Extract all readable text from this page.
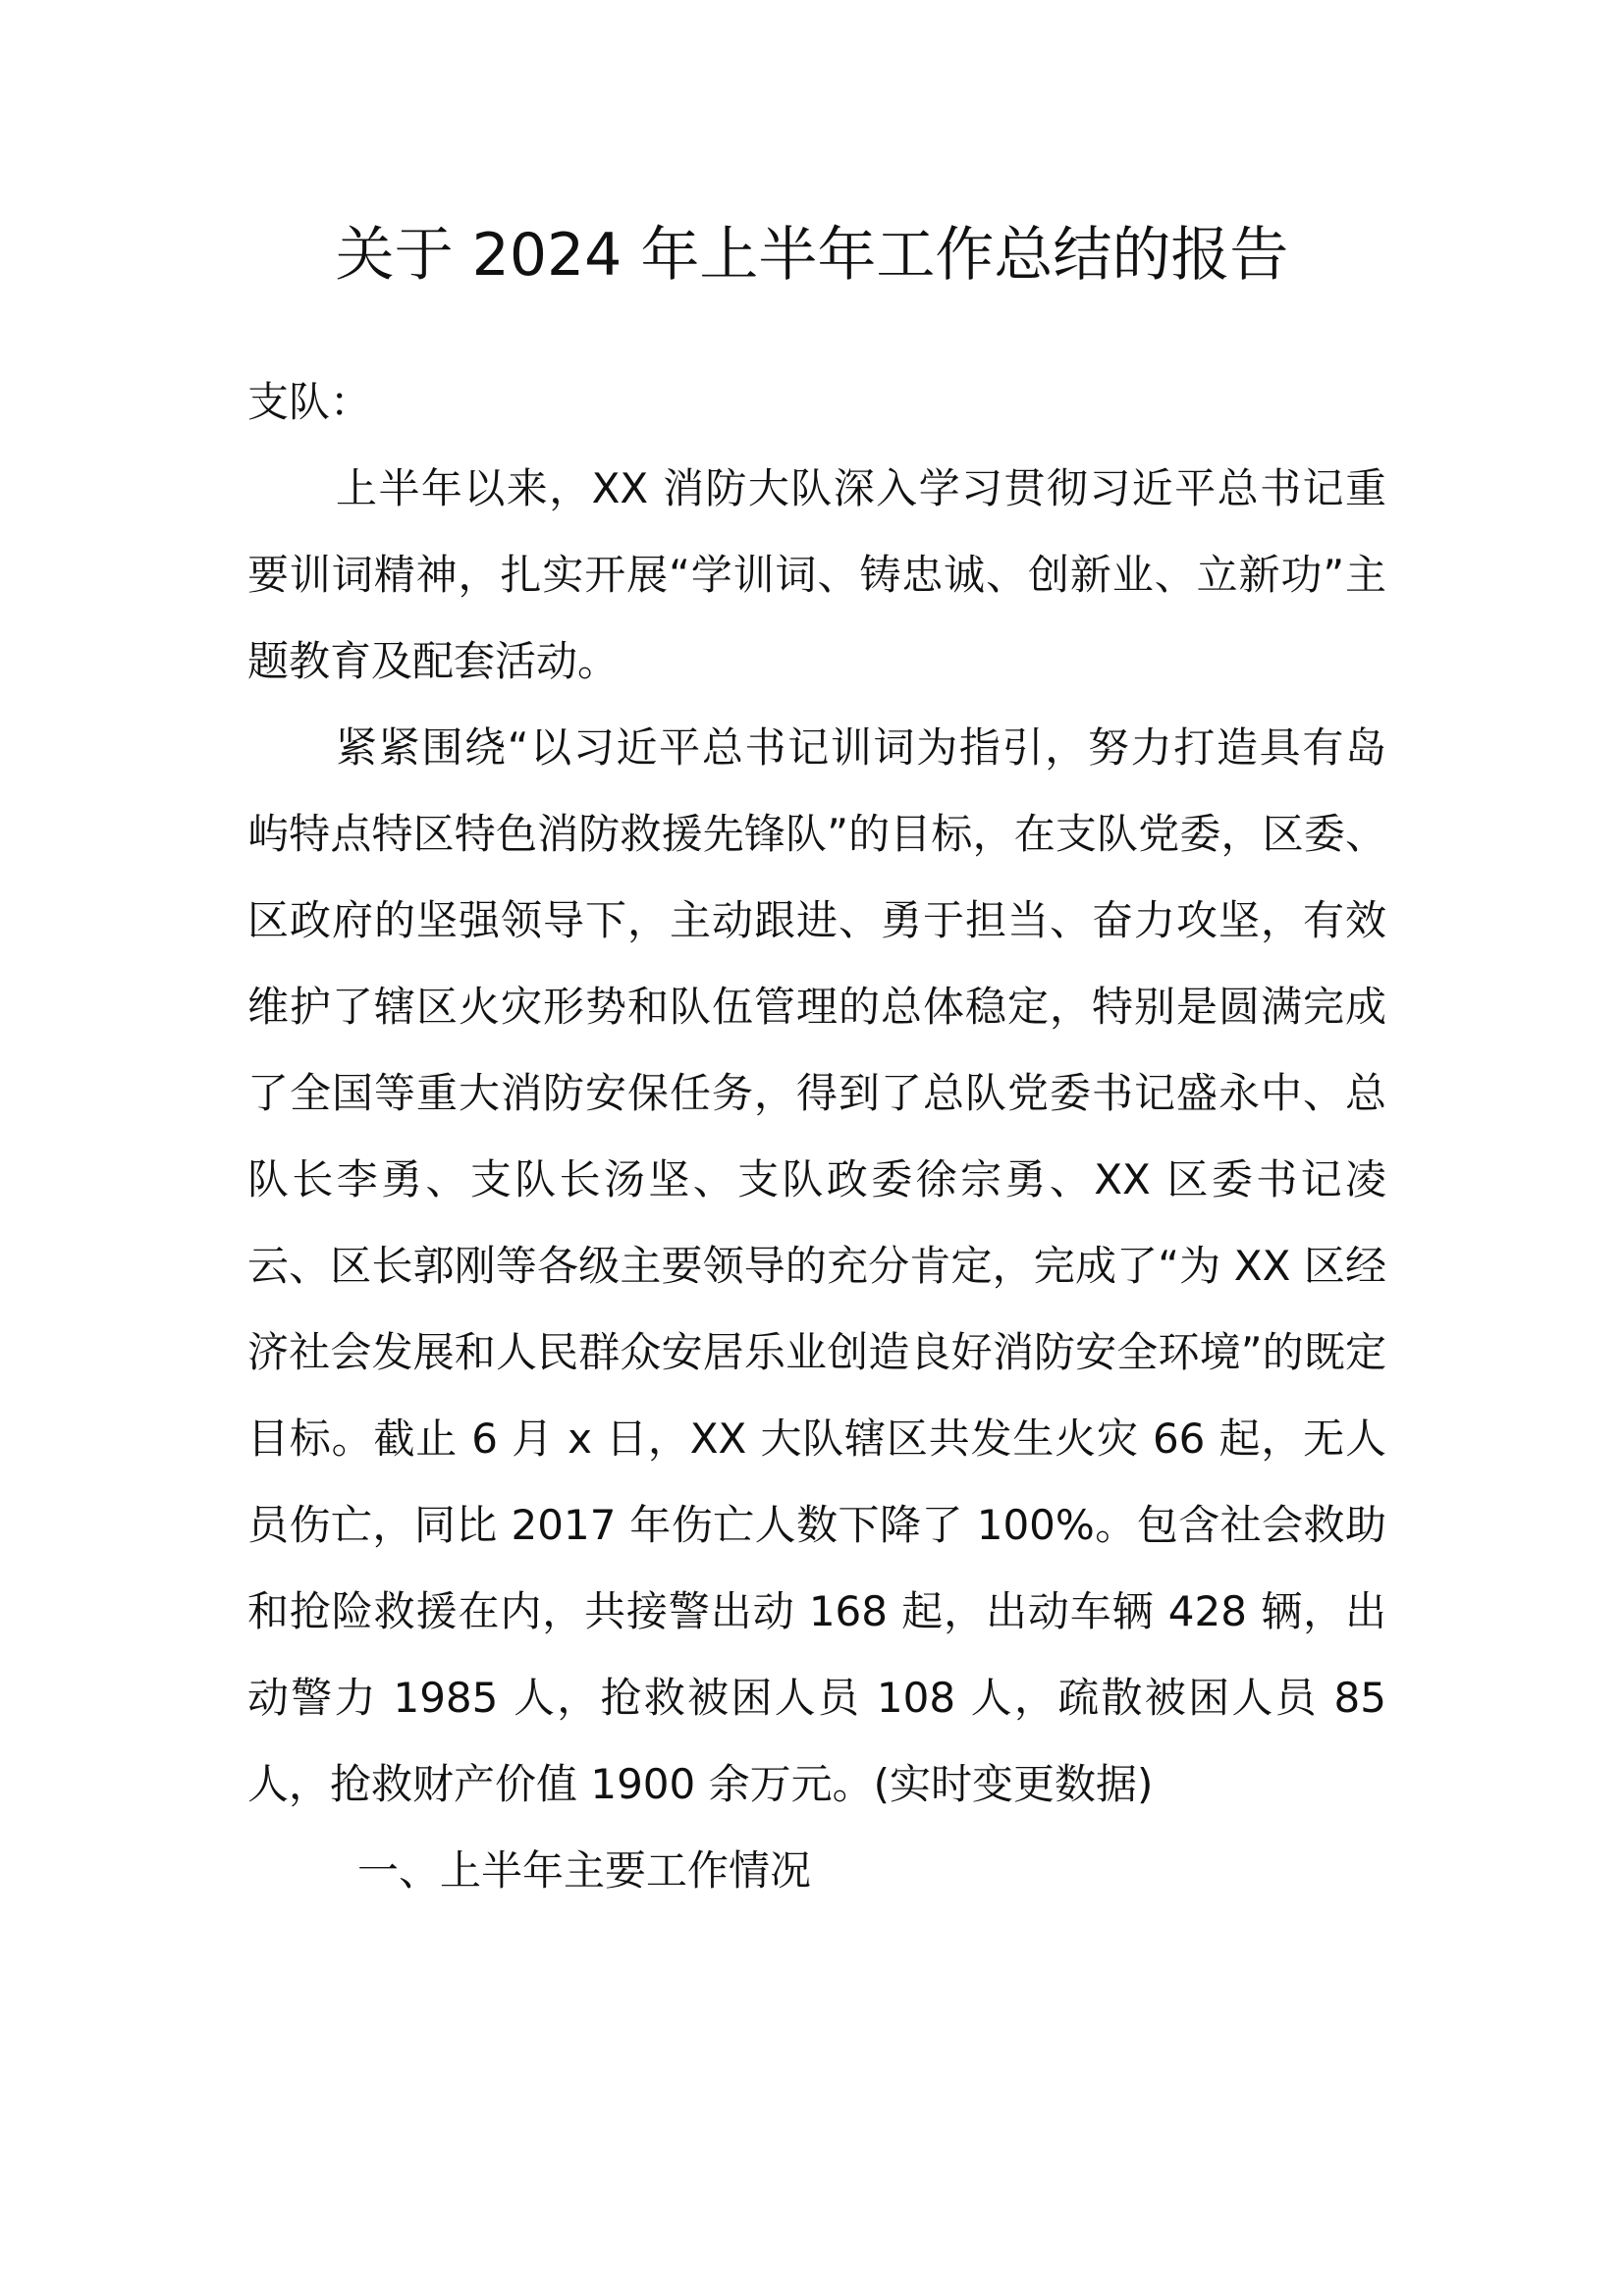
关于 2024 年上半年工作总结的报告

支队：

上半年以来，XX 消防大队深入学习贯彻习近平总书记重要训词精神，扎实开展“学训词、铸忠诚、创新业、立新功”主题教育及配套活动。

紧紧围绕“以习近平总书记训词为指引，努力打造具有岛屿特点特区特色消防救援先锋队”的目标，在支队党委，区委、区政府的坚强领导下，主动跟进、勇于担当、奋力攻坚，有效维护了辖区火灾形势和队伍管理的总体稳定，特别是圆满完成了全国等重大消防安保任务，得到了总队党委书记盛永中、总队长李勇、支队长汤坚、支队政委徐宗勇、XX 区委书记凌云、区长郭刚等各级主要领导的充分肯定，完成了“为 XX 区经济社会发展和人民群众安居乐业创造良好消防安全环境”的既定目标。截止 6 月 x 日，XX 大队辖区共发生火灾 66 起，无人员伤亡，同比 2017 年伤亡人数下降了 100%。包含社会救助和抢险救援在内，共接警出动 168 起，出动车辆 428 辆，出动警力 1985 人，抢救被困人员 108 人，疏散被困人员 85 人，抢救财产价值 1900 余万元。(实时变更数据)

一、上半年主要工作情况
